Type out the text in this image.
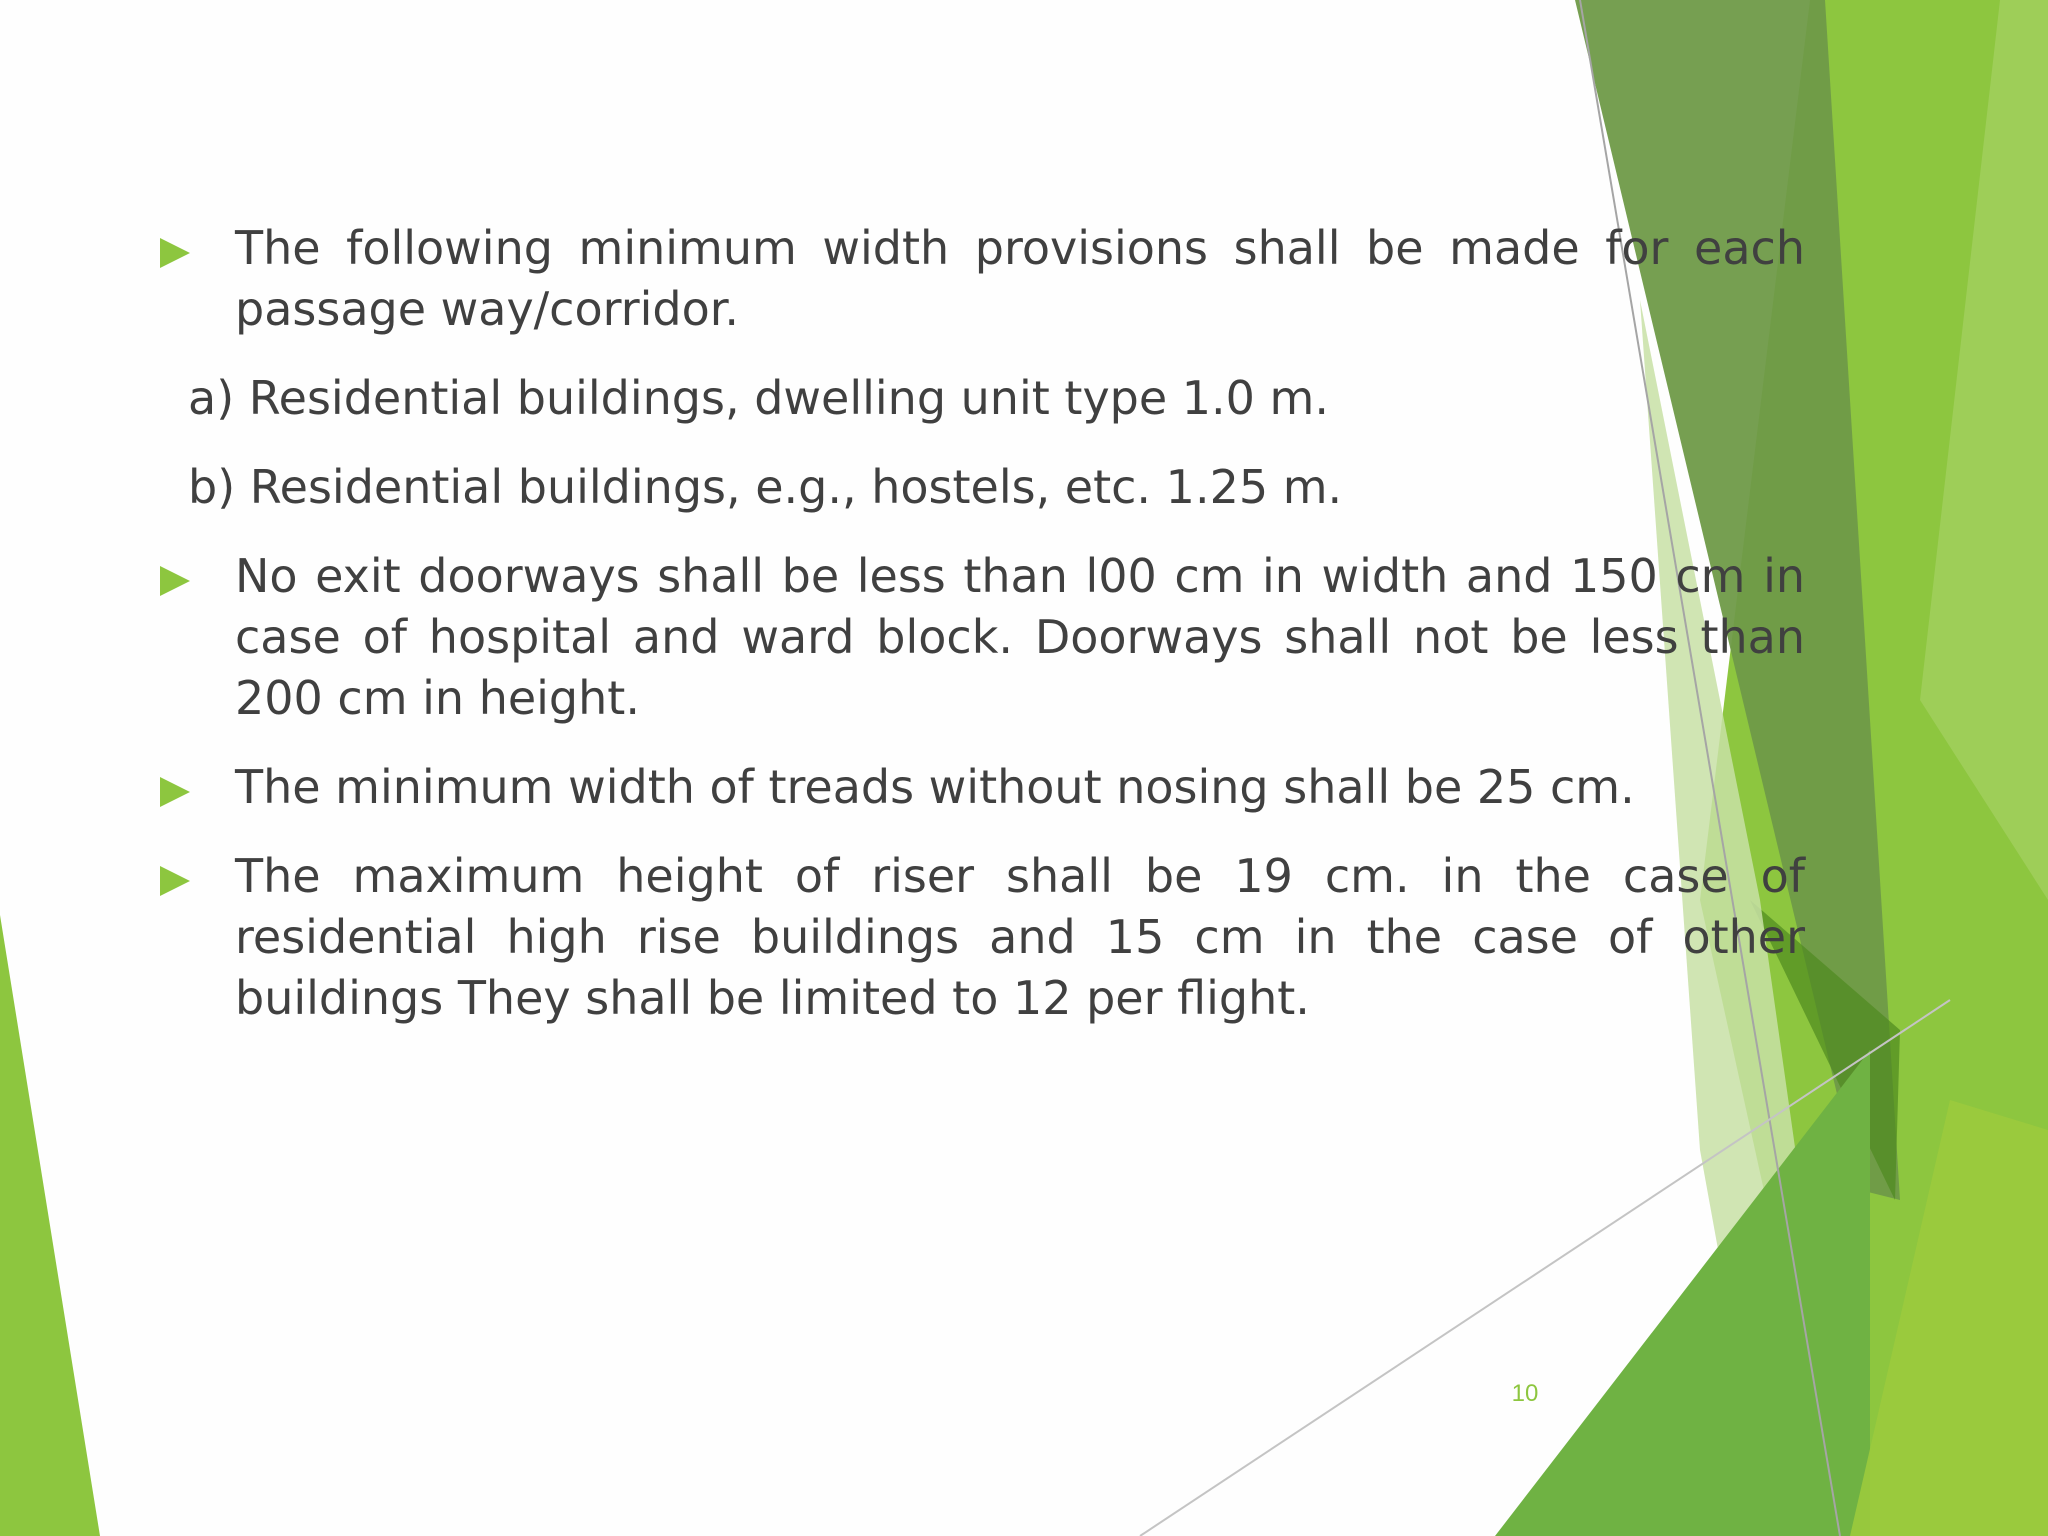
The following minimum width provisions shall be made for each passage way/corridor.
a) Residential buildings, dwelling unit type 1.0 m.
b) Residential buildings, e.g., hostels, etc. 1.25 m.
No exit doorways shall be less than l00 cm in width and 150 cm in case of hospital and ward block. Doorways shall not be less than 200 cm in height.
The minimum width of treads without nosing shall be 25 cm.
The maximum height of riser shall be 19 cm. in the case of residential high rise buildings and 15 cm in the case of other buildings They shall be limited to 12 per flight.
10
